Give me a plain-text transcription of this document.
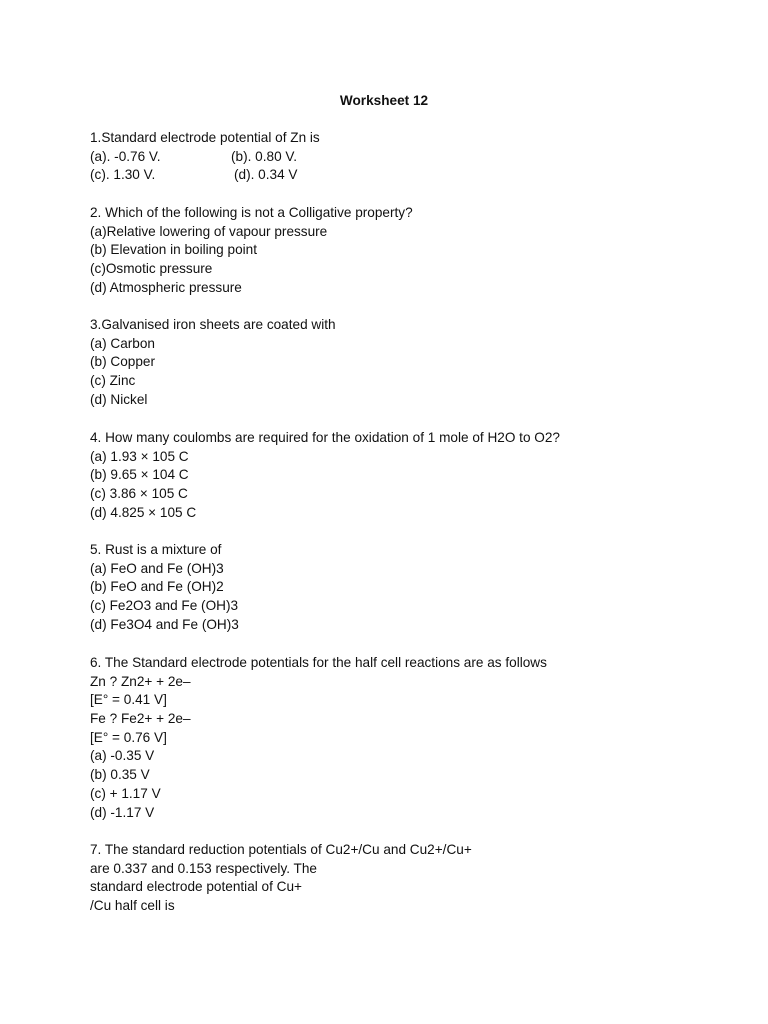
Worksheet 12
1.Standard electrode potential of Zn is
(a). -0.76 V.	(b). 0.80 V.
(c). 1.30 V.	(d). 0.34 V
2. Which of the following is not a Colligative property?
(a)Relative lowering of vapour pressure
(b) Elevation in boiling point
(c)Osmotic pressure
(d) Atmospheric pressure
3.Galvanised iron sheets are coated with
(a) Carbon
(b) Copper
(c) Zinc
(d) Nickel
4. How many coulombs are required for the oxidation of 1 mole of H2O to O2?
(a) 1.93 × 105 C
(b) 9.65 × 104 C
(c) 3.86 × 105 C
(d) 4.825 × 105 C
5. Rust is a mixture of
(a) FeO and Fe (OH)3
(b) FeO and Fe (OH)2
(c) Fe2O3 and Fe (OH)3
(d) Fe3O4 and Fe (OH)3
6. The Standard electrode potentials for the half cell reactions are as follows
Zn ? Zn2+ + 2e–
[E° = 0.41 V]
Fe ? Fe2+ + 2e–
[E° = 0.76 V]
(a) -0.35 V
(b) 0.35 V
(c) + 1.17 V
(d) -1.17 V
7. The standard reduction potentials of Cu2+/Cu and Cu2+/Cu+
are 0.337 and 0.153 respectively. The
standard electrode potential of Cu+
/Cu half cell is
